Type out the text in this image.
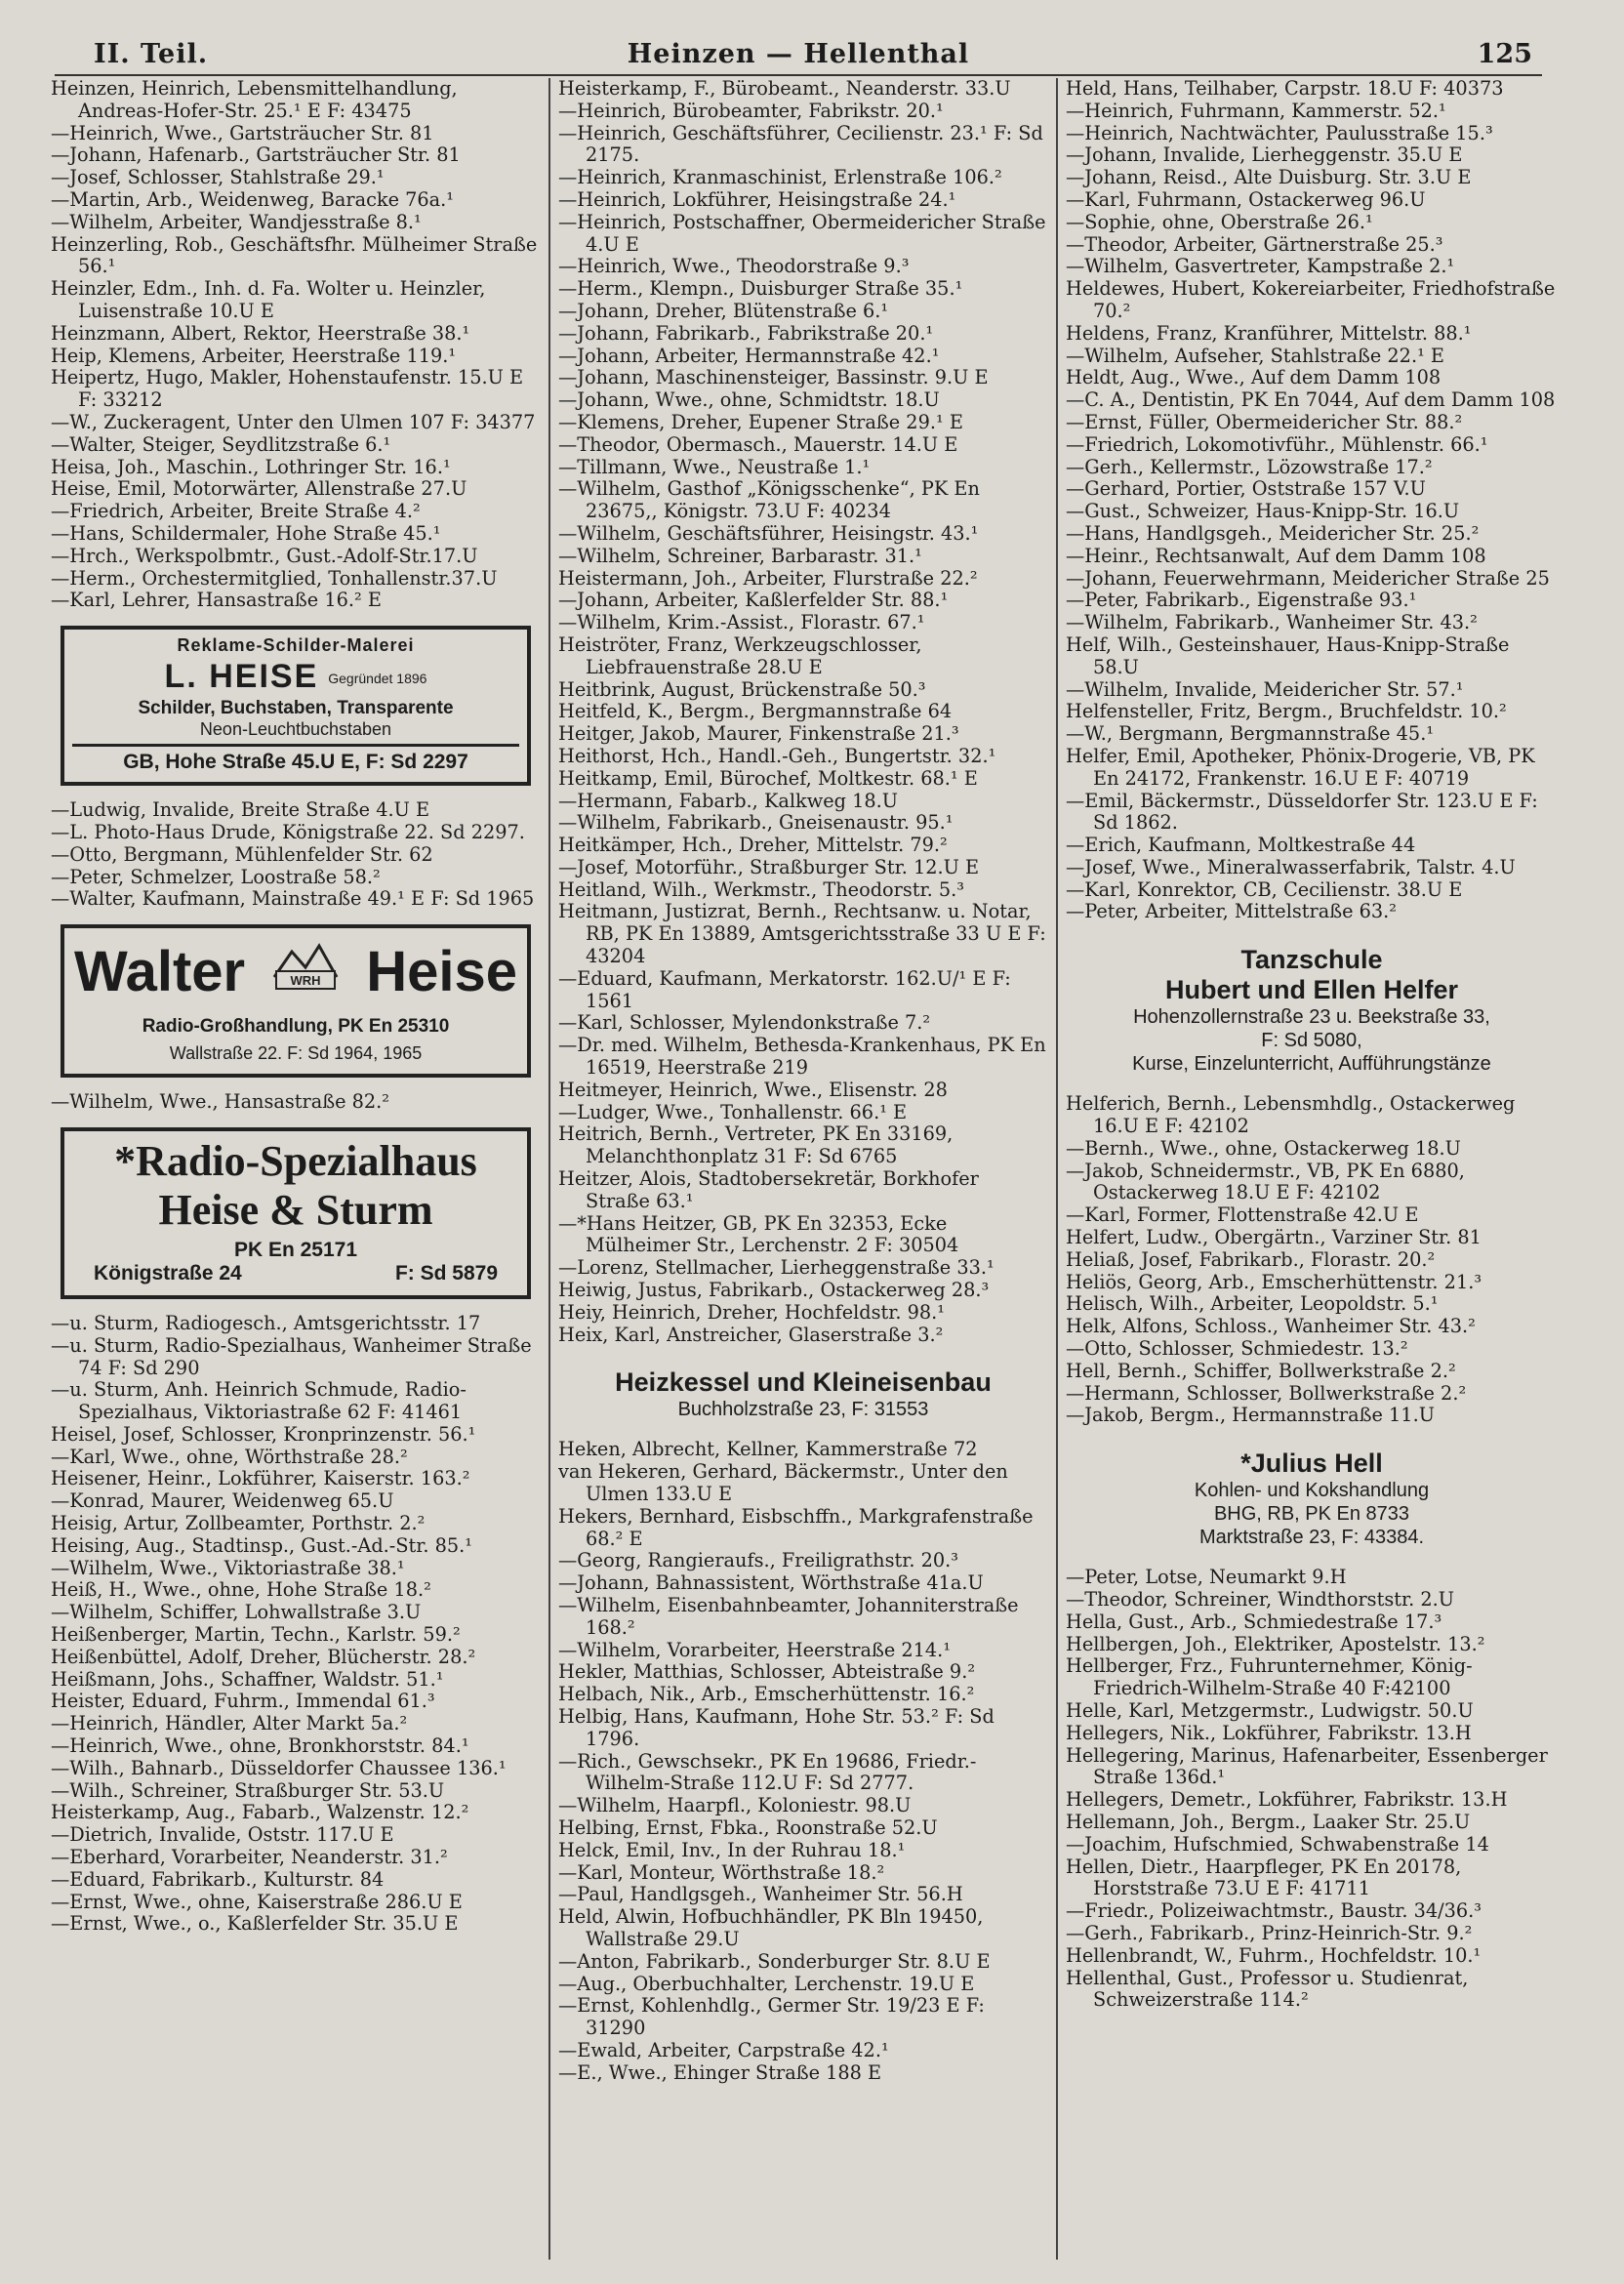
II. Teil.	Heinzen — Hellenthal	125

Heinzen, Heinrich, Lebensmittelhandlung, Andreas-Hofer-Str. 25.¹ E F: 43475

—Heinrich, Wwe., Gartsträucher Str. 81

—Johann, Hafenarb., Gartsträucher Str. 81

—Josef, Schlosser, Stahlstraße 29.¹

—Martin, Arb., Weidenweg, Baracke 76a.¹

—Wilhelm, Arbeiter, Wandjesstraße 8.¹

Heinzerling, Rob., Geschäftsfhr. Mülheimer Straße 56.¹

Heinzler, Edm., Inh. d. Fa. Wolter u. Heinzler, Luisenstraße 10.U E

Heinzmann, Albert, Rektor, Heerstraße 38.¹

Heip, Klemens, Arbeiter, Heerstraße 119.¹

Heipertz, Hugo, Makler, Hohenstaufenstr. 15.U E F: 33212

—W., Zuckeragent, Unter den Ulmen 107 F: 34377

—Walter, Steiger, Seydlitzstraße 6.¹

Heisa, Joh., Maschin., Lothringer Str. 16.¹

Heise, Emil, Motorwärter, Allenstraße 27.U

—Friedrich, Arbeiter, Breite Straße 4.²

—Hans, Schildermaler, Hohe Straße 45.¹

—Hrch., Werkspolbmtr., Gust.-Adolf-Str.17.U

—Herm., Orchestermitglied, Tonhallenstr.37.U

—Karl, Lehrer, Hansastraße 16.² E

Reklame-Schilder-Malerei
L. HEISE Gegründet 1896
Schilder, Buchstaben, Transparente
Neon-Leuchtbuchstaben
GB, Hohe Straße 45.U E, F: Sd 2297

—Ludwig, Invalide, Breite Straße 4.U E

—L. Photo-Haus Drude, Königstraße 22. Sd 2297.

—Otto, Bergmann, Mühlenfelder Str. 62

—Peter, Schmelzer, Loostraße 58.²

—Walter, Kaufmann, Mainstraße 49.¹ E F: Sd 1965

Walter	WRH Heise
Radio-Großhandlung, PK En 25310
Wallstraße 22. F: Sd 1964, 1965

—Wilhelm, Wwe., Hansastraße 82.²

*Radio-Spezialhaus
Heise & Sturm
PK En 25171
Königstraße 24	F: Sd 5879

—u. Sturm, Radiogesch., Amtsgerichtsstr. 17

—u. Sturm, Radio-Spezialhaus, Wanheimer Straße 74 F: Sd 290

—u. Sturm, Anh. Heinrich Schmude, Radio-Spezialhaus, Viktoriastraße 62 F: 41461

Heisel, Josef, Schlosser, Kronprinzenstr. 56.¹

—Karl, Wwe., ohne, Wörthstraße 28.²

Heisener, Heinr., Lokführer, Kaiserstr. 163.²

—Konrad, Maurer, Weidenweg 65.U

Heisig, Artur, Zollbeamter, Porthstr. 2.²

Heising, Aug., Stadtinsp., Gust.-Ad.-Str. 85.¹

—Wilhelm, Wwe., Viktoriastraße 38.¹

Heiß, H., Wwe., ohne, Hohe Straße 18.²

—Wilhelm, Schiffer, Lohwallstraße 3.U

Heißenberger, Martin, Techn., Karlstr. 59.²

Heißenbüttel, Adolf, Dreher, Blücherstr. 28.²

Heißmann, Johs., Schaffner, Waldstr. 51.¹

Heister, Eduard, Fuhrm., Immendal 61.³

—Heinrich, Händler, Alter Markt 5a.²

—Heinrich, Wwe., ohne, Bronkhorststr. 84.¹

—Wilh., Bahnarb., Düsseldorfer Chaussee 136.¹

—Wilh., Schreiner, Straßburger Str. 53.U

Heisterkamp, Aug., Fabarb., Walzenstr. 12.²

—Dietrich, Invalide, Oststr. 117.U E

—Eberhard, Vorarbeiter, Neanderstr. 31.²

—Eduard, Fabrikarb., Kulturstr. 84

—Ernst, Wwe., ohne, Kaiserstraße 286.U E

—Ernst, Wwe., o., Kaßlerfelder Str. 35.U E

Heisterkamp, F., Bürobeamt., Neanderstr. 33.U

—Heinrich, Bürobeamter, Fabrikstr. 20.¹

—Heinrich, Geschäftsführer, Cecilienstr. 23.¹ F: Sd 2175.

—Heinrich, Kranmaschinist, Erlenstraße 106.²

—Heinrich, Lokführer, Heisingstraße 24.¹

—Heinrich, Postschaffner, Obermeidericher Straße 4.U E

—Heinrich, Wwe., Theodorstraße 9.³

—Herm., Klempn., Duisburger Straße 35.¹

—Johann, Dreher, Blütenstraße 6.¹

—Johann, Fabrikarb., Fabrikstraße 20.¹

—Johann, Arbeiter, Hermannstraße 42.¹

—Johann, Maschinensteiger, Bassinstr. 9.U E

—Johann, Wwe., ohne, Schmidtstr. 18.U

—Klemens, Dreher, Eupener Straße 29.¹ E

—Theodor, Obermasch., Mauerstr. 14.U E

—Tillmann, Wwe., Neustraße 1.¹

—Wilhelm, Gasthof „Königsschenke“, PK En 23675,, Königstr. 73.U F: 40234

—Wilhelm, Geschäftsführer, Heisingstr. 43.¹

—Wilhelm, Schreiner, Barbarastr. 31.¹

Heistermann, Joh., Arbeiter, Flurstraße 22.²

—Johann, Arbeiter, Kaßlerfelder Str. 88.¹

—Wilhelm, Krim.-Assist., Florastr. 67.¹

Heiströter, Franz, Werkzeugschlosser, Liebfrauenstraße 28.U E

Heitbrink, August, Brückenstraße 50.³

Heitfeld, K., Bergm., Bergmannstraße 64

Heitger, Jakob, Maurer, Finkenstraße 21.³

Heithorst, Hch., Handl.-Geh., Bungertstr. 32.¹

Heitkamp, Emil, Bürochef, Moltkestr. 68.¹ E

—Hermann, Fabarb., Kalkweg 18.U

—Wilhelm, Fabrikarb., Gneisenaustr. 95.¹

Heitkämper, Hch., Dreher, Mittelstr. 79.²

—Josef, Motorführ., Straßburger Str. 12.U E

Heitland, Wilh., Werkmstr., Theodorstr. 5.³

Heitmann, Justizrat, Bernh., Rechtsanw. u. Notar, RB, PK En 13889, Amtsgerichtsstraße 33 U E F: 43204

—Eduard, Kaufmann, Merkatorstr. 162.U/¹ E F: 1561

—Karl, Schlosser, Mylendonkstraße 7.²

—Dr. med. Wilhelm, Bethesda-Krankenhaus, PK En 16519, Heerstraße 219

Heitmeyer, Heinrich, Wwe., Elisenstr. 28

—Ludger, Wwe., Tonhallenstr. 66.¹ E

Heitrich, Bernh., Vertreter, PK En 33169, Melanchthonplatz 31 F: Sd 6765

Heitzer, Alois, Stadtobersekretär, Borkhofer Straße 63.¹

—*Hans Heitzer, GB, PK En 32353, Ecke Mülheimer Str., Lerchenstr. 2 F: 30504

—Lorenz, Stellmacher, Lierheggenstraße 33.¹

Heiwig, Justus, Fabrikarb., Ostackerweg 28.³

Heiy, Heinrich, Dreher, Hochfeldstr. 98.¹

Heix, Karl, Anstreicher, Glaserstraße 3.²

Heizkessel und Kleineisenbau
Buchholzstraße 23, F: 31553

Heken, Albrecht, Kellner, Kammerstraße 72

van Hekeren, Gerhard, Bäckermstr., Unter den Ulmen 133.U E

Hekers, Bernhard, Eisbschffn., Markgrafenstraße 68.² E

—Georg, Rangieraufs., Freiligrathstr. 20.³

—Johann, Bahnassistent, Wörthstraße 41a.U

—Wilhelm, Eisenbahnbeamter, Johanniterstraße 168.²

—Wilhelm, Vorarbeiter, Heerstraße 214.¹

Hekler, Matthias, Schlosser, Abteistraße 9.²

Helbach, Nik., Arb., Emscherhüttenstr. 16.²

Helbig, Hans, Kaufmann, Hohe Str. 53.² F: Sd 1796.

—Rich., Gewschsekr., PK En 19686, Friedr.-Wilhelm-Straße 112.U F: Sd 2777.

—Wilhelm, Haarpfl., Koloniestr. 98.U

Helbing, Ernst, Fbka., Roonstraße 52.U

Helck, Emil, Inv., In der Ruhrau 18.¹

—Karl, Monteur, Wörthstraße 18.²

—Paul, Handlgsgeh., Wanheimer Str. 56.H

Held, Alwin, Hofbuchhändler, PK Bln 19450, Wallstraße 29.U

—Anton, Fabrikarb., Sonderburger Str. 8.U E

—Aug., Oberbuchhalter, Lerchenstr. 19.U E

—Ernst, Kohlenhdlg., Germer Str. 19/23 E F: 31290

—Ewald, Arbeiter, Carpstraße 42.¹

—E., Wwe., Ehinger Straße 188 E

Held, Hans, Teilhaber, Carpstr. 18.U F: 40373

—Heinrich, Fuhrmann, Kammerstr. 52.¹

—Heinrich, Nachtwächter, Paulusstraße 15.³

—Johann, Invalide, Lierheggenstr. 35.U E

—Johann, Reisd., Alte Duisburg. Str. 3.U E

—Karl, Fuhrmann, Ostackerweg 96.U

—Sophie, ohne, Oberstraße 26.¹

—Theodor, Arbeiter, Gärtnerstraße 25.³

—Wilhelm, Gasvertreter, Kampstraße 2.¹

Heldewes, Hubert, Kokereiarbeiter, Friedhofstraße 70.²

Heldens, Franz, Kranführer, Mittelstr. 88.¹

—Wilhelm, Aufseher, Stahlstraße 22.¹ E

Heldt, Aug., Wwe., Auf dem Damm 108

—C. A., Dentistin, PK En 7044, Auf dem Damm 108

—Ernst, Füller, Obermeidericher Str. 88.²

—Friedrich, Lokomotivführ., Mühlenstr. 66.¹

—Gerh., Kellermstr., Lözowstraße 17.²

—Gerhard, Portier, Oststraße 157 V.U

—Gust., Schweizer, Haus-Knipp-Str. 16.U

—Hans, Handlgsgeh., Meidericher Str. 25.²

—Heinr., Rechtsanwalt, Auf dem Damm 108

—Johann, Feuerwehrmann, Meidericher Straße 25

—Peter, Fabrikarb., Eigenstraße 93.¹

—Wilhelm, Fabrikarb., Wanheimer Str. 43.²

Helf, Wilh., Gesteinshauer, Haus-Knipp-Straße 58.U

—Wilhelm, Invalide, Meidericher Str. 57.¹

Helfensteller, Fritz, Bergm., Bruchfeldstr. 10.²

—W., Bergmann, Bergmannstraße 45.¹

Helfer, Emil, Apotheker, Phönix-Drogerie, VB, PK En 24172, Frankenstr. 16.U E F: 40719

—Emil, Bäckermstr., Düsseldorfer Str. 123.U E F: Sd 1862.

—Erich, Kaufmann, Moltkestraße 44

—Josef, Wwe., Mineralwasserfabrik, Talstr. 4.U

—Karl, Konrektor, CB, Cecilienstr. 38.U E

—Peter, Arbeiter, Mittelstraße 63.²

Tanzschule
Hubert und Ellen Helfer
Hohenzollernstraße 23 u. Beekstraße 33,
F: Sd 5080,
Kurse, Einzelunterricht, Aufführungstänze

Helferich, Bernh., Lebensmhdlg., Ostackerweg 16.U E F: 42102

—Bernh., Wwe., ohne, Ostackerweg 18.U

—Jakob, Schneidermstr., VB, PK En 6880, Ostackerweg 18.U E F: 42102

—Karl, Former, Flottenstraße 42.U E

Helfert, Ludw., Obergärtn., Varziner Str. 81

Heliaß, Josef, Fabrikarb., Florastr. 20.²

Heliös, Georg, Arb., Emscherhüttenstr. 21.³

Helisch, Wilh., Arbeiter, Leopoldstr. 5.¹

Helk, Alfons, Schloss., Wanheimer Str. 43.²

—Otto, Schlosser, Schmiedestr. 13.²

Hell, Bernh., Schiffer, Bollwerkstraße 2.²

—Hermann, Schlosser, Bollwerkstraße 2.²

—Jakob, Bergm., Hermannstraße 11.U

*Julius Hell
Kohlen- und Kokshandlung
BHG, RB, PK En 8733
Marktstraße 23, F: 43384.

—Peter, Lotse, Neumarkt 9.H

—Theodor, Schreiner, Windthorststr. 2.U

Hella, Gust., Arb., Schmiedestraße 17.³

Hellbergen, Joh., Elektriker, Apostelstr. 13.²

Hellberger, Frz., Fuhrunternehmer, König-Friedrich-Wilhelm-Straße 40 F:42100

Helle, Karl, Metzgermstr., Ludwigstr. 50.U

Hellegers, Nik., Lokführer, Fabrikstr. 13.H

Hellegering, Marinus, Hafenarbeiter, Essenberger Straße 136d.¹

Hellegers, Demetr., Lokführer, Fabrikstr. 13.H

Hellemann, Joh., Bergm., Laaker Str. 25.U

—Joachim, Hufschmied, Schwabenstraße 14

Hellen, Dietr., Haarpfleger, PK En 20178, Horststraße 73.U E F: 41711

—Friedr., Polizeiwachtmstr., Baustr. 34/36.³

—Gerh., Fabrikarb., Prinz-Heinrich-Str. 9.²

Hellenbrandt, W., Fuhrm., Hochfeldstr. 10.¹

Hellenthal, Gust., Professor u. Studienrat, Schweizerstraße 114.²
